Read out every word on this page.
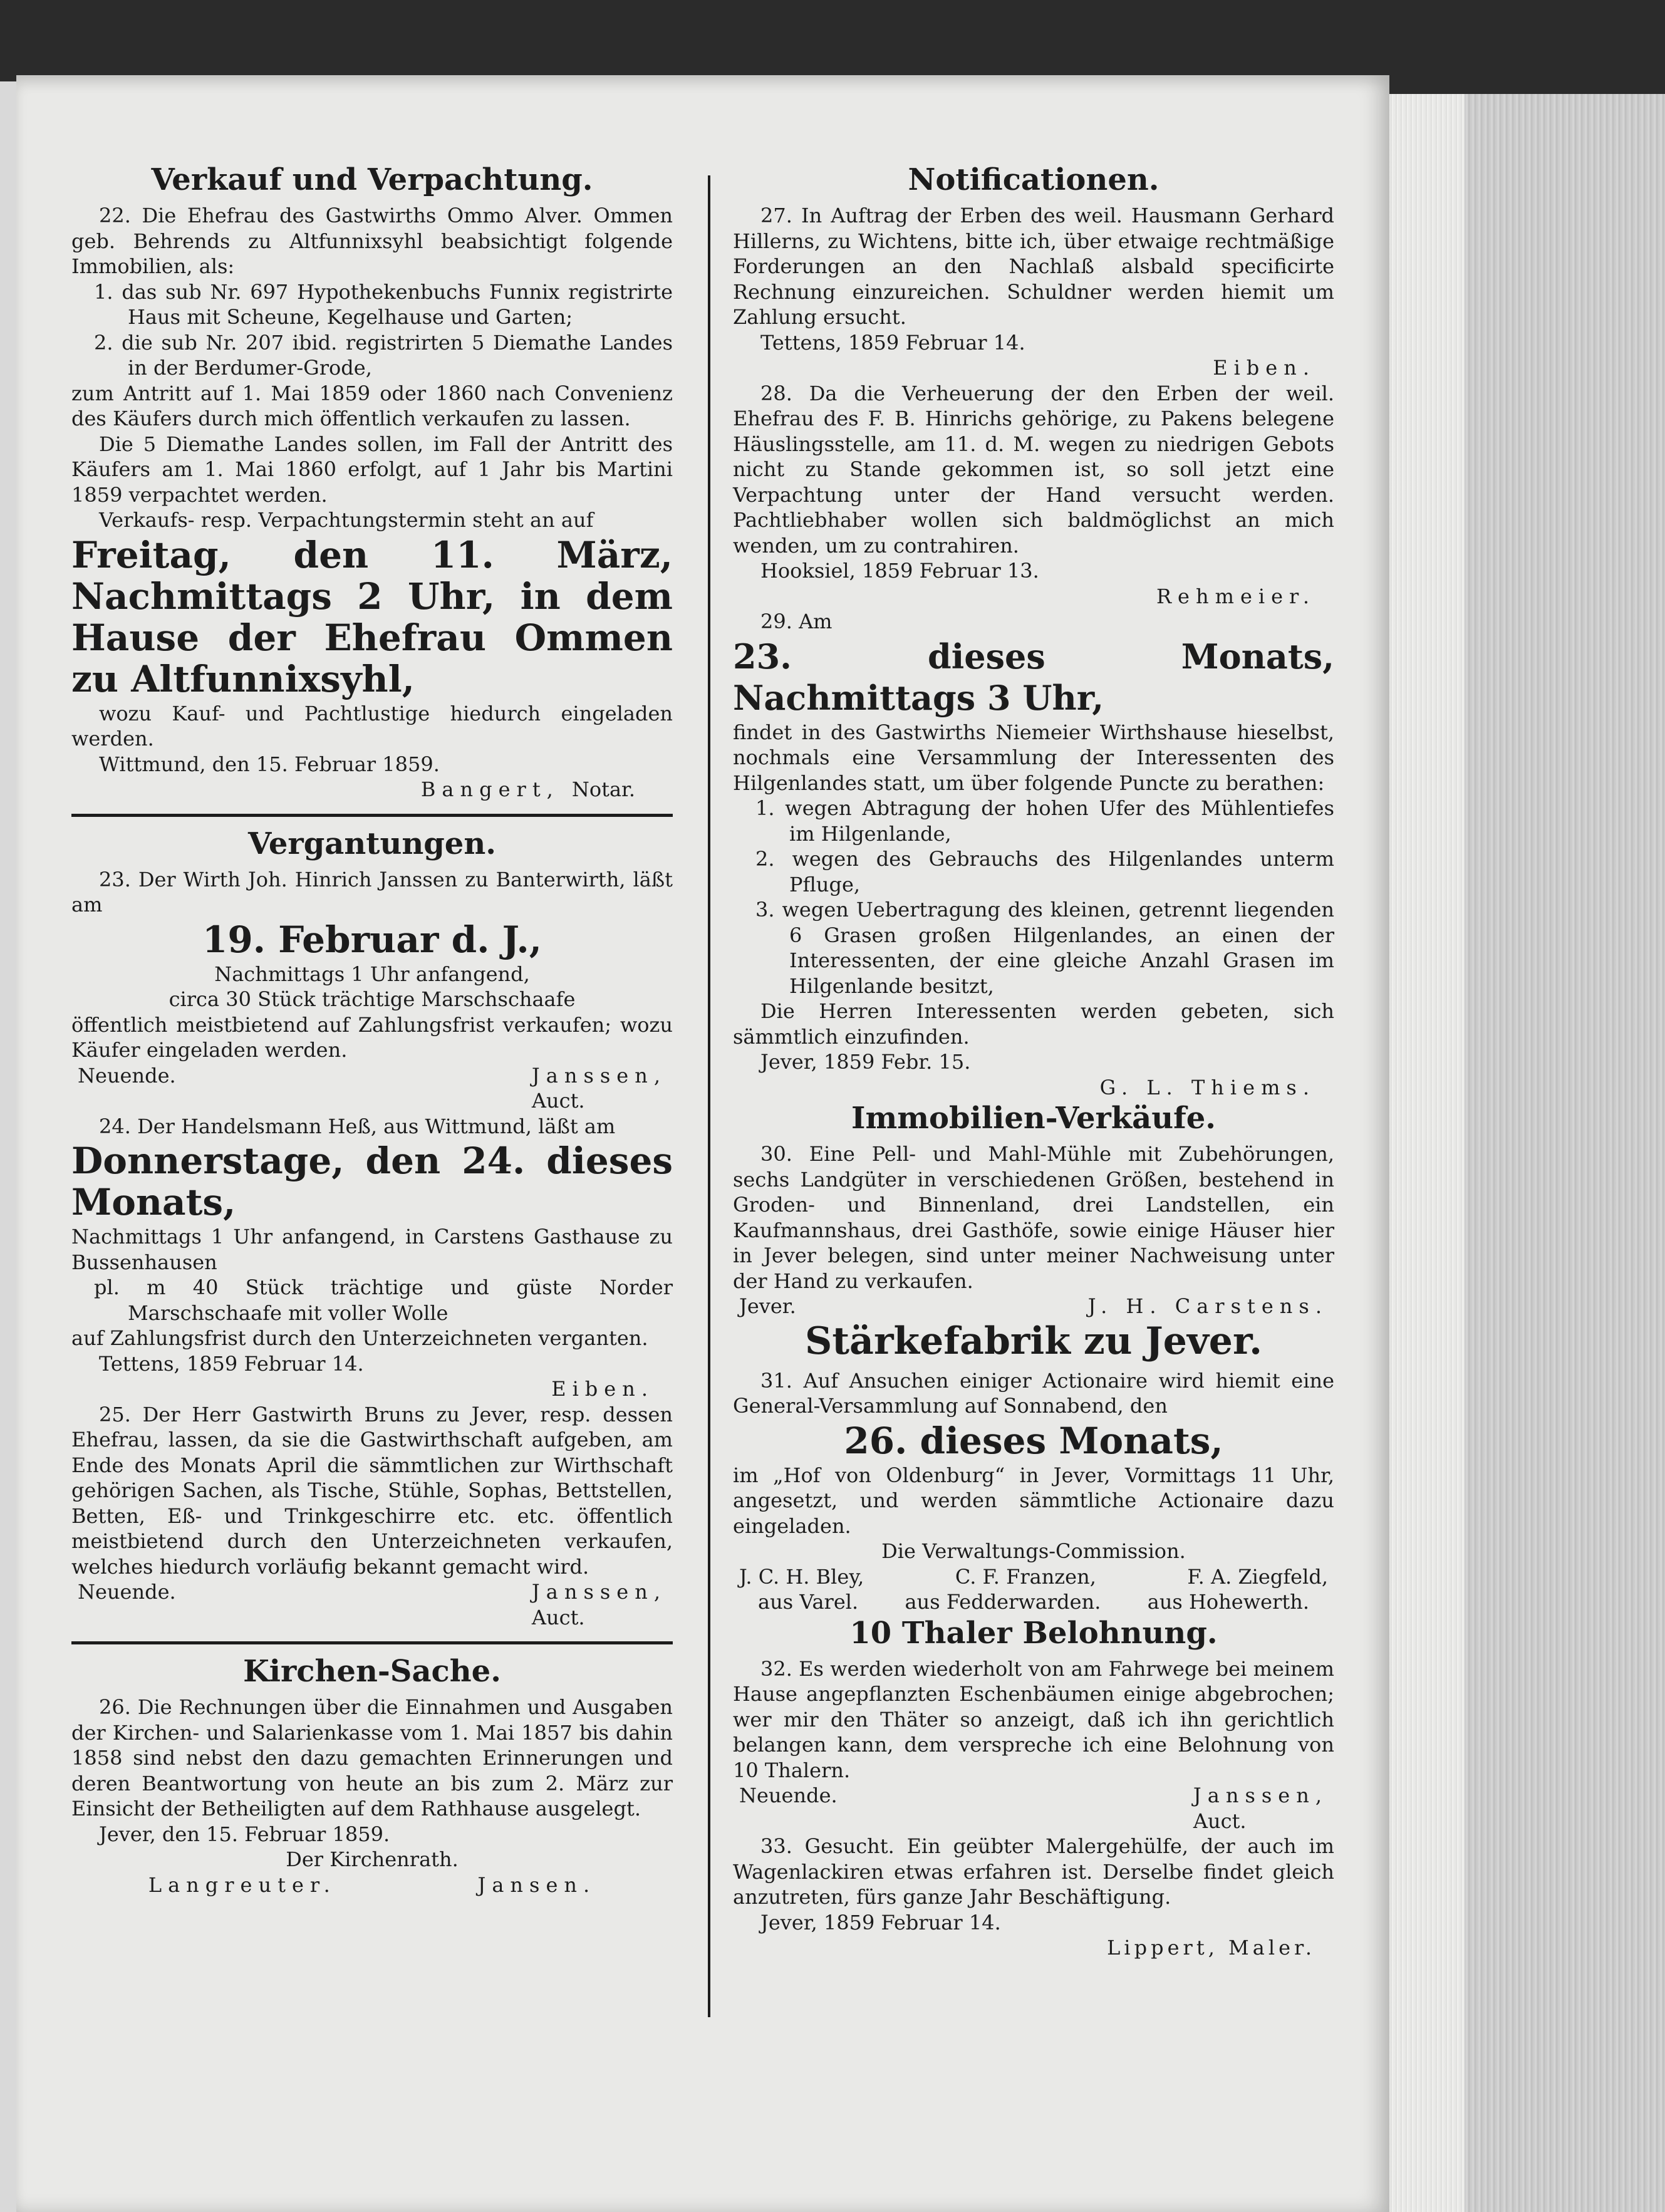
Verkauf und Verpachtung.

22. Die Ehefrau des Gastwirths Ommo Alver. Ommen geb. Behrends zu Altfunnixsyhl beabsichtigt folgende Immobilien, als:

1. das sub Nr. 697 Hypothekenbuchs Funnix registrirte Haus mit Scheune, Kegelhause und Garten;

2. die sub Nr. 207 ibid. registrirten 5 Diemathe Landes in der Berdumer-Grode,

zum Antritt auf 1. Mai 1859 oder 1860 nach Convenienz des Käufers durch mich öffentlich verkaufen zu lassen.

Die 5 Diemathe Landes sollen, im Fall der Antritt des Käufers am 1. Mai 1860 erfolgt, auf 1 Jahr bis Martini 1859 verpachtet werden.

Verkaufs- resp. Verpachtungstermin steht an auf

Freitag, den 11. März, Nachmittags 2 Uhr, in dem Hause der Ehefrau Ommen zu Altfunnixsyhl,

wozu Kauf- und Pachtlustige hiedurch eingeladen werden.

Wittmund, den 15. Februar 1859.

Bangert, Notar.
Vergantungen.

23. Der Wirth Joh. Hinrich Janssen zu Banterwirth, läßt am

19. Februar d. J.,

Nachmittags 1 Uhr anfangend,

circa 30 Stück trächtige Marschschaafe

öffentlich meistbietend auf Zahlungsfrist verkaufen; wozu Käufer eingeladen werden.

Neuende.	Janssen,
Auct.

24. Der Handelsmann Heß, aus Wittmund, läßt am

Donnerstage, den 24. dieses Monats,

Nachmittags 1 Uhr anfangend, in Carstens Gasthause zu Bussenhausen

pl. m 40 Stück trächtige und güste Norder Marschschaafe mit voller Wolle

auf Zahlungsfrist durch den Unterzeichneten verganten.

Tettens, 1859 Februar 14.

Eiben.

25. Der Herr Gastwirth Bruns zu Jever, resp. dessen Ehefrau, lassen, da sie die Gastwirthschaft aufgeben, am Ende des Monats April die sämmtlichen zur Wirthschaft gehörigen Sachen, als Tische, Stühle, Sophas, Bettstellen, Betten, Eß- und Trinkgeschirre etc. etc. öffentlich meistbietend durch den Unterzeichneten verkaufen, welches hiedurch vorläufig bekannt gemacht wird.

Neuende.	Janssen,
Auct.
Kirchen-Sache.

26. Die Rechnungen über die Einnahmen und Ausgaben der Kirchen- und Salarienkasse vom 1. Mai 1857 bis dahin 1858 sind nebst den dazu gemachten Erinnerungen und deren Beantwortung von heute an bis zum 2. März zur Einsicht der Betheiligten auf dem Rathhause ausgelegt.

Jever, den 15. Februar 1859.

Der Kirchenrath.

Langreuter.	Jansen.
Notificationen.

27. In Auftrag der Erben des weil. Hausmann Gerhard Hillerns, zu Wichtens, bitte ich, über etwaige rechtmäßige Forderungen an den Nachlaß alsbald specificirte Rechnung einzureichen. Schuldner werden hiemit um Zahlung ersucht.

Tettens, 1859 Februar 14.

Eiben.

28. Da die Verheuerung der den Erben der weil. Ehefrau des F. B. Hinrichs gehörige, zu Pakens belegene Häuslingsstelle, am 11. d. M. wegen zu niedrigen Gebots nicht zu Stande gekommen ist, so soll jetzt eine Verpachtung unter der Hand versucht werden. Pachtliebhaber wollen sich baldmöglichst an mich wenden, um zu contrahiren.

Hooksiel, 1859 Februar 13.

Rehmeier.

29. Am

23. dieses Monats, Nachmittags 3 Uhr,

findet in des Gastwirths Niemeier Wirthshause hieselbst, nochmals eine Versammlung der Interessenten des Hilgenlandes statt, um über folgende Puncte zu berathen:

1. wegen Abtragung der hohen Ufer des Mühlentiefes im Hilgenlande,

2. wegen des Gebrauchs des Hilgenlandes unterm Pfluge,

3. wegen Uebertragung des kleinen, getrennt liegenden 6 Grasen großen Hilgenlandes, an einen der Interessenten, der eine gleiche Anzahl Grasen im Hilgenlande besitzt,

Die Herren Interessenten werden gebeten, sich sämmtlich einzufinden.

Jever, 1859 Febr. 15.

G. L. Thiems.

Immobilien-Verkäufe.

30. Eine Pell- und Mahl-Mühle mit Zubehörungen, sechs Landgüter in verschiedenen Größen, bestehend in Groden- und Binnenland, drei Landstellen, ein Kaufmannshaus, drei Gasthöfe, sowie einige Häuser hier in Jever belegen, sind unter meiner Nachweisung unter der Hand zu verkaufen.

Jever.	J. H. Carstens.
Stärkefabrik zu Jever.

31. Auf Ansuchen einiger Actionaire wird hiemit eine General-Versammlung auf Sonnabend, den

26. dieses Monats,

im „Hof von Oldenburg“ in Jever, Vormittags 11 Uhr, angesetzt, und werden sämmtliche Actionaire dazu eingeladen.

Die Verwaltungs-Commission.

J. C. H. Bley,	C. F. Franzen,	F. A. Ziegfeld,
aus Varel. aus Fedderwarden. aus Hohewerth.
10 Thaler Belohnung.

32. Es werden wiederholt von am Fahrwege bei meinem Hause angepflanzten Eschenbäumen einige abgebrochen; wer mir den Thäter so anzeigt, daß ich ihn gerichtlich belangen kann, dem verspreche ich eine Belohnung von 10 Thalern.

Neuende.	Janssen,
Auct.

33. Gesucht. Ein geübter Malergehülfe, der auch im Wagenlackiren etwas erfahren ist. Derselbe findet gleich anzutreten, fürs ganze Jahr Beschäftigung.

Jever, 1859 Februar 14.

Lippert, Maler.
